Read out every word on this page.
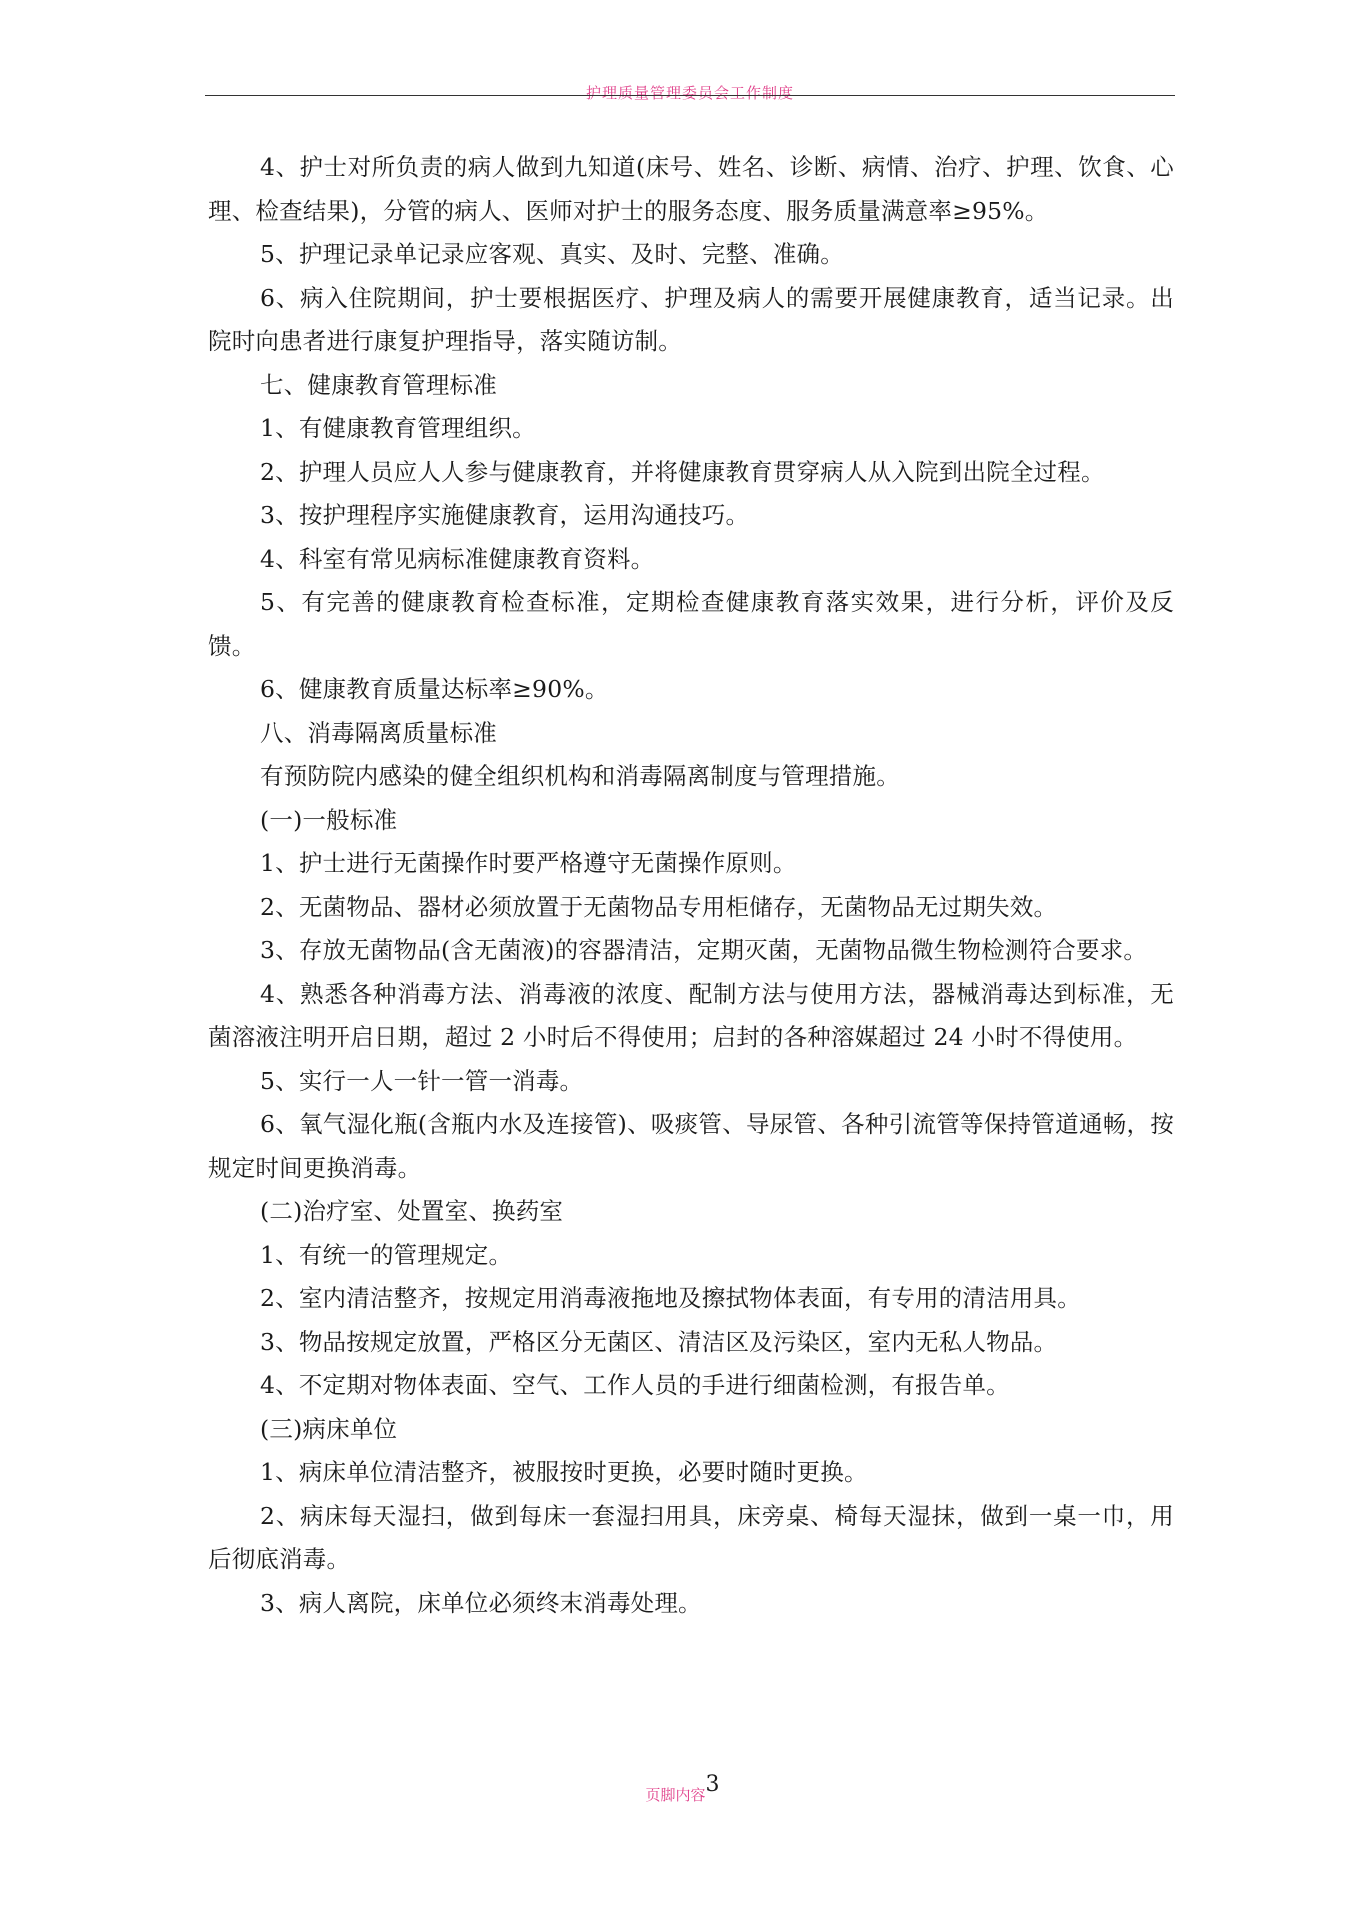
护理质量管理委员会工作制度

4、护士对所负责的病人做到九知道(床号、姓名、诊断、病情、治疗、护理、饮食、心理、检查结果)，分管的病人、医师对护士的服务态度、服务质量满意率≥95%。

5、护理记录单记录应客观、真实、及时、完整、准确。

6、病入住院期间，护士要根据医疗、护理及病人的需要开展健康教育，适当记录。出院时向患者进行康复护理指导，落实随访制。

七、健康教育管理标准

1、有健康教育管理组织。

2、护理人员应人人参与健康教育，并将健康教育贯穿病人从入院到出院全过程。

3、按护理程序实施健康教育，运用沟通技巧。

4、科室有常见病标准健康教育资料。

5、有完善的健康教育检查标准，定期检查健康教育落实效果，进行分析，评价及反馈。

6、健康教育质量达标率≥90%。

八、消毒隔离质量标准

有预防院内感染的健全组织机构和消毒隔离制度与管理措施。

(一)一般标准

1、护士进行无菌操作时要严格遵守无菌操作原则。

2、无菌物品、器材必须放置于无菌物品专用柜储存，无菌物品无过期失效。

3、存放无菌物品(含无菌液)的容器清洁，定期灭菌，无菌物品微生物检测符合要求。

4、熟悉各种消毒方法、消毒液的浓度、配制方法与使用方法，器械消毒达到标准，无菌溶液注明开启日期，超过 2 小时后不得使用；启封的各种溶媒超过 24 小时不得使用。

5、实行一人一针一管一消毒。

6、氧气湿化瓶(含瓶内水及连接管)、吸痰管、导尿管、各种引流管等保持管道通畅，按规定时间更换消毒。

(二)治疗室、处置室、换药室

1、有统一的管理规定。

2、室内清洁整齐，按规定用消毒液拖地及擦拭物体表面，有专用的清洁用具。

3、物品按规定放置，严格区分无菌区、清洁区及污染区，室内无私人物品。

4、不定期对物体表面、空气、工作人员的手进行细菌检测，有报告单。

(三)病床单位

1、病床单位清洁整齐，被服按时更换，必要时随时更换。

2、病床每天湿扫，做到每床一套湿扫用具，床旁桌、椅每天湿抹，做到一桌一巾，用后彻底消毒。

3、病人离院，床单位必须终末消毒处理。

页脚内容3
